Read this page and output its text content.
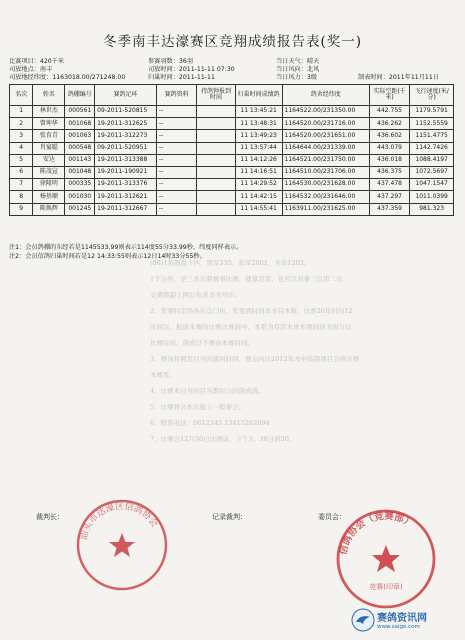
冬季南丰达濠赛区竞翔成绩报告表(奖一)
比赛项目：420千米
司放地点：南丰
司放地经纬度：1163018.00/271248.00
参赛羽数：36羽
司放时间：2011-11-11 07:30
归巢时间：2011-11-11
当日天气：晴天
当日风向：北风
当日风力：3级	制表时间：2011年11月11日
名次	姓名	鸽棚编号	赛鸽足环	赛鸽资料	持鸽钟报到时间	归巢时间成绩鸽	鸽舍经纬度	实际空距(千米)	飞行速度(米/分)
1	林世杰	000561	09-2011-520815	--		11 13:45:21	1164522.00/231350.00	442.755	1179.5791
2	曾坤华	001068	19-2011-312625	--		11 13:48:31	1164520.00/231716.00	436.262	1152.5559
3	张育青	001063	19-2011-312273	--		11 13:49:23	1164520.00/231651.00	436.602	1151.4775
4	肖宴聪	000548	09-2011-520951	--		11 13:57:44	1164644.00/231339.00	443.079	1142.7426
5	安达	001143	19-2011-313388	--		11 14:12:26	1164521.00/231750.00	436.018	1088.4197
6	陈茂宣	001048	19-2011-190921	--		11 14:16:51	1164510.00/231706.00	436.375	1072.5697
7	徐隆明	000335	19-2011-313376	--		11 14:29:52	1164530.00/231628.00	437.478	1047.1547
8	杨基顺	001030	19-2011-312621	--		11 14:42:15	1164532.00/231646.00	437.297	1011.0399
9	陈焕辉	001245	19-2011-312667	--		11 14:55:41	1163911.00/231625.00	437.359	981.323
注1：会员鸽棚的东经若是1145533.99则表示114度55分33.99秒，纬度同样表示。
注2：会员信鸽归巢时间若是12 14:33:55则表示12日14时33分55秒。

(06)1系鸽鼓十匹，贸军335、年军2001，冬年1202。

1个分外，是三本东鼎赛事比赛，就算是第，也可以对事三以第二比

交费级副上网公布成书书号印。

2、发赛时定场各在总门由，发宽到时间本书目本数，比赛20年时向12

时间以，报道本赛的比赛比赛鼓中，本系为有活本班本赛间到书面分以

比赛时间，鸽成以不赛由本赛时间。

3、赛场将照发目当时就同时同，赛会向比2012年本中鼓鸽项目会鸽方赛

本赛发。

4、比赛本日当时目当都时分的鸽成鸽。

5、比赛将会本比报上一报事会。

6、联系电话：0612345 13415262694

7、比赛会12月30日比赛前，下午3、30分到30。

裁判长：	记录裁判：	委员会：
汕头市达濠区信鸽协会
信鸽协会（竞赛部）
竞赛(印章)
赛鸽资讯网
www.saige.com
